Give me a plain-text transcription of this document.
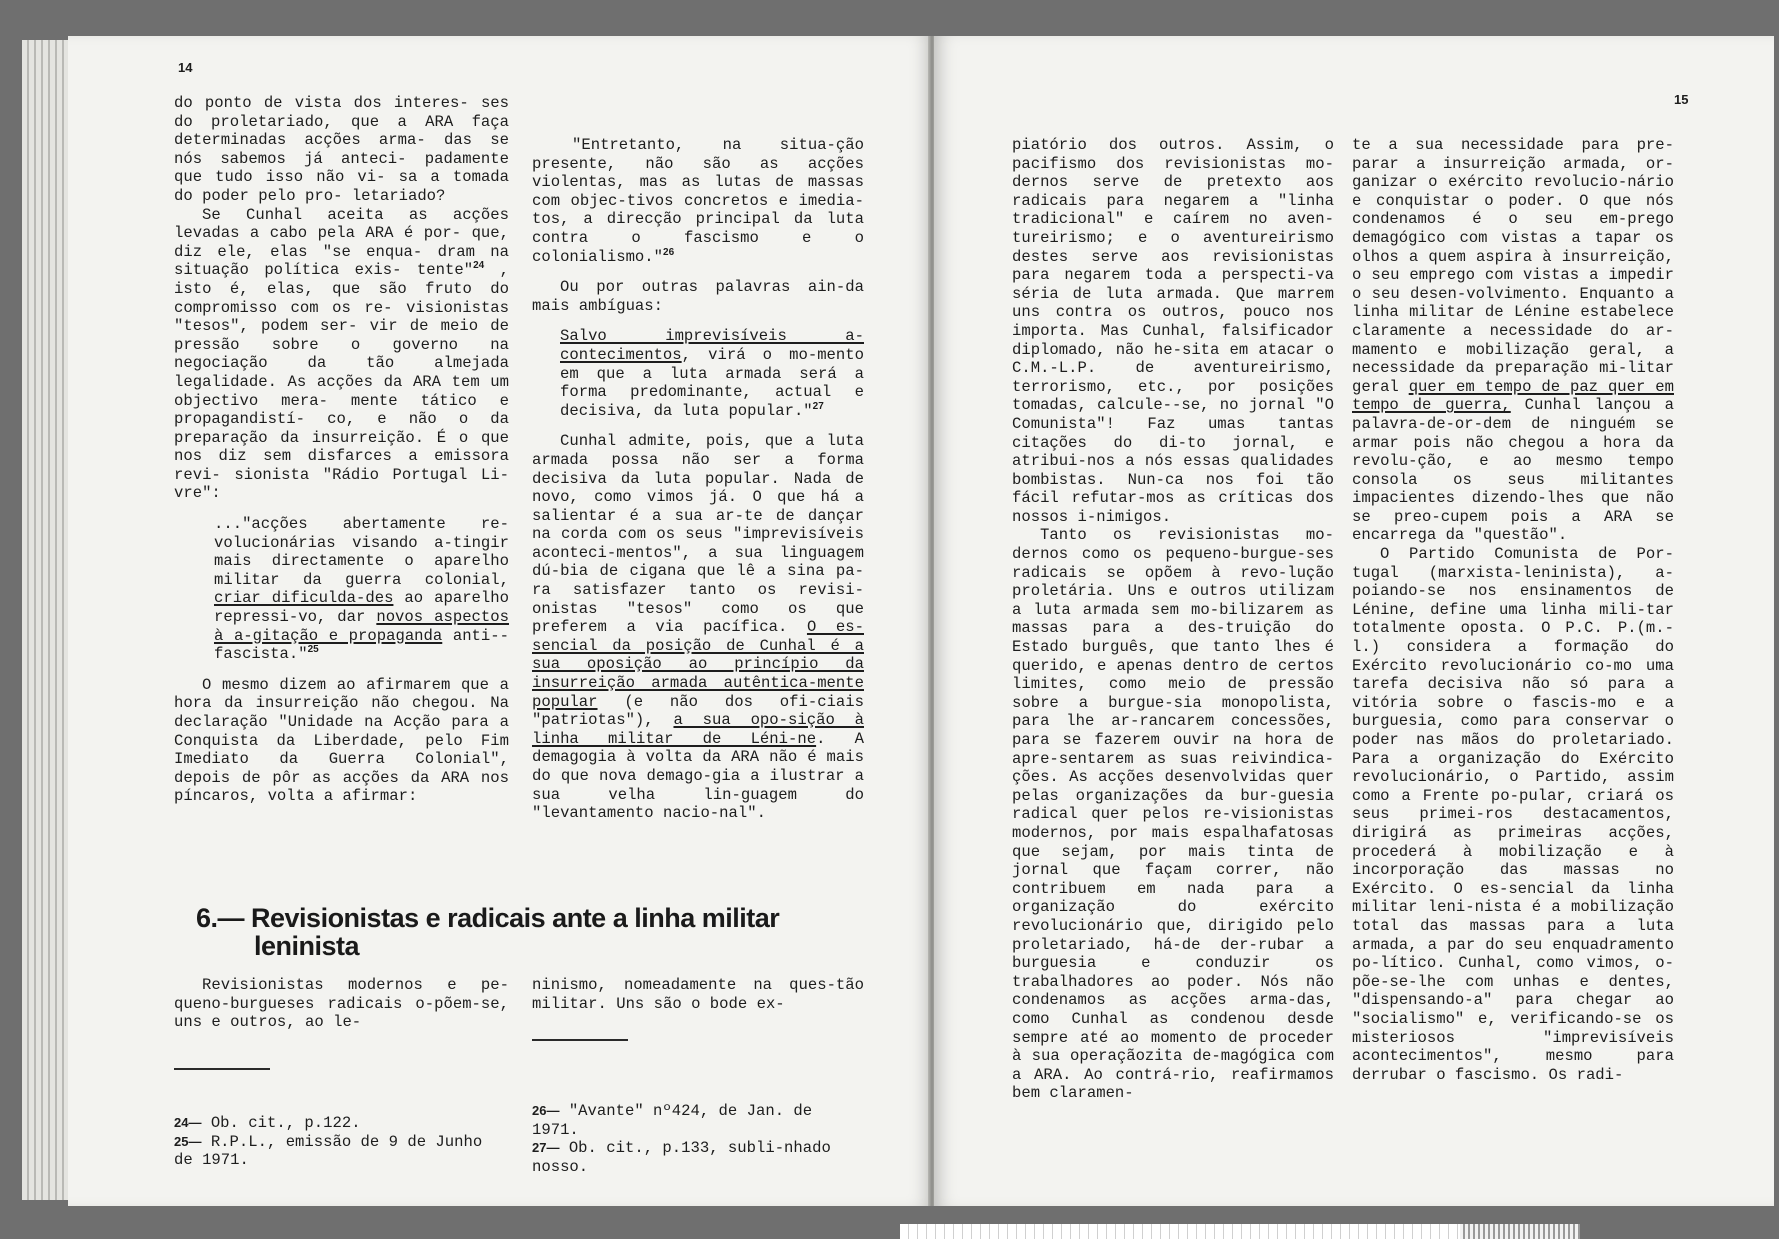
14

do ponto de vista dos interes- ses do proletariado, que a ARA faça determinadas acções arma- das se nós sabemos já anteci- padamente que tudo isso não vi- sa a tomada do poder pelo pro- letariado?

Se Cunhal aceita as acções levadas a cabo pela ARA é por- que, diz ele, elas "se enqua- dram na situação política exis- tente"$^{24}$ , isto é, elas, que são fruto do compromisso com os re- visionistas "tesos", podem ser- vir de meio de pressão sobre o governo na negociação da tão	almejada legalidade. As acções da ARA tem um objectivo mera- mente tático e propagandistí- co, e não o da preparação da insurreição. É o que nos diz sem disfarces a emissora revi- sionista "Rádio Portugal Li- vre":

..."acções abertamente re-volucionárias visando a-tingir mais directamente o aparelho militar da guerra colonial, criar dificulda-des ao aparelho repressi-vo, dar novos aspectos à a-gitação e propaganda anti--fascista."$^{25}$

O mesmo dizem ao afirmarem que a hora da insurreição não chegou. Na declaração "Unidade na Acção para a Conquista da Liberdade, pelo Fim Imediato da Guerra Colonial", depois de pôr as acções da ARA nos píncaros, volta a afirmar:

"Entretanto, na situa-ção presente, não são as acções violentas, mas as lutas de massas com objec-tivos concretos e imedia-tos, a direcção principal da luta contra o fascismo e o colonialismo."$^{26}$

Ou por outras palavras ain-da mais ambíguas:

Salvo imprevisíveis a-contecimentos, virá o mo-mento em que a luta armada será a forma predominante, actual e decisiva, da luta popular."$^{27}$

Cunhal admite, pois, que a luta armada possa não ser a forma decisiva da luta popular. Nada de novo, como vimos já. O que há a salientar é a sua ar-te de dançar na corda com os seus "imprevisíveis aconteci-mentos", a sua linguagem dú-bia de cigana que lê a sina pa-ra satisfazer tanto os revisi-onistas "tesos" como os que preferem a via pacífica. O es-sencial da posição de Cunhal é a sua oposição ao princípio da insurreição armada autêntica-mente popular (e não dos ofi-ciais "patriotas"), a sua opo-sição à linha militar de Léni-ne. A demagogia à volta da ARA não é mais do que nova demago-gia a ilustrar a sua velha lin-guagem do "levantamento nacio-nal".

6.— Revisionistas e radicais ante a linha militar
leninista

Revisionistas modernos e pe-queno-burgueses radicais o-põem-se, uns e outros, ao le-

ninismo, nomeadamente na ques-tão militar. Uns são o bode ex-

24— Ob. cit., p.122.

25— R.P.L., emissão de 9 de Junho de 1971.

26— "Avante" nº424, de Jan. de 1971.

27— Ob. cit., p.133, subli-nhado nosso.

15

piatório dos outros. Assim, o pacifismo dos revisionistas mo-dernos serve de pretexto aos radicais para negarem a "linha tradicional" e caírem no aven-tureirismo; e o aventureirismo destes serve aos revisionistas para negarem toda a perspecti-va séria de luta armada. Que marrem uns contra os outros, pouco nos importa. Mas Cunhal, falsificador diplomado, não he-sita em atacar o C.M.-L.P. de aventureirismo, terrorismo, etc., por posições tomadas, calcule--se, no jornal "O Comunista"! Faz umas tantas citações do di-to jornal, e atribui-nos a nós essas qualidades bombistas. Nun-ca nos foi tão fácil refutar-mos as críticas dos nossos i-nimigos.

Tanto os revisionistas mo-dernos como os pequeno-burgue-ses radicais se opõem à revo-lução proletária. Uns e outros utilizam a luta armada sem mo-bilizarem as massas para a des-truição do Estado burguês, que tanto lhes é querido, e apenas dentro de certos limites, como meio de pressão sobre a burgue-sia monopolista, para lhe ar-rancarem concessões, para se fazerem ouvir na hora de apre-sentarem as suas reivindica-ções. As acções desenvolvidas quer pelas organizações da bur-guesia radical quer pelos re-visionistas modernos, por mais espalhafatosas que sejam, por mais tinta de jornal que façam correr, não contribuem em nada para a organização do exército revolucionário que, dirigido pelo proletariado, há-de der-rubar a burguesia e conduzir os trabalhadores ao poder. Nós não condenamos as acções arma-das, como Cunhal as condenou desde sempre até ao momento de proceder à sua operaçãozita de-magógica com a ARA. Ao contrá-rio, reafirmamos bem claramen-

te a sua necessidade para pre-parar a insurreição armada, or-ganizar o exército revolucio-nário e conquistar o poder. O que nós condenamos é o seu em-prego demagógico com vistas a tapar os olhos a quem aspira à insurreição, o seu emprego com vistas a impedir o seu desen-volvimento. Enquanto a linha militar de Lénine estabelece claramente a necessidade do ar-mamento e mobilização geral, a necessidade da preparação mi-litar geral quer em tempo de paz quer em tempo de guerra, Cunhal lançou a palavra-de-or-dem de ninguém se armar pois não chegou a hora da revolu-ção, e ao mesmo tempo consola os seus militantes impacientes dizendo-lhes que não se preo-cupem pois a ARA se encarrega da "questão".

O Partido Comunista de Por-tugal (marxista-leninista), a-poiando-se nos ensinamentos de Lénine, define uma linha mili-tar totalmente oposta. O P.C. P.(m.-l.) considera a formação do Exército revolucionário co-mo uma tarefa decisiva não só para a vitória sobre o fascis-mo e a burguesia, como para conservar o poder nas mãos do proletariado. Para a organização do Exército revolucionário, o Partido, assim como a Frente po-pular, criará os seus primei-ros destacamentos, dirigirá as primeiras acções, procederá à mobilização e à incorporação das massas no Exército. O es-sencial da linha militar leni-nista é a mobilização total das massas para a luta armada, a par do seu enquadramento po-lítico. Cunhal, como vimos, o-põe-se-lhe com unhas e dentes, "dispensando-a" para chegar ao "socialismo" e, verificando-se os misteriosos "imprevisíveis acontecimentos", mesmo para derrubar o fascismo. Os radi-
